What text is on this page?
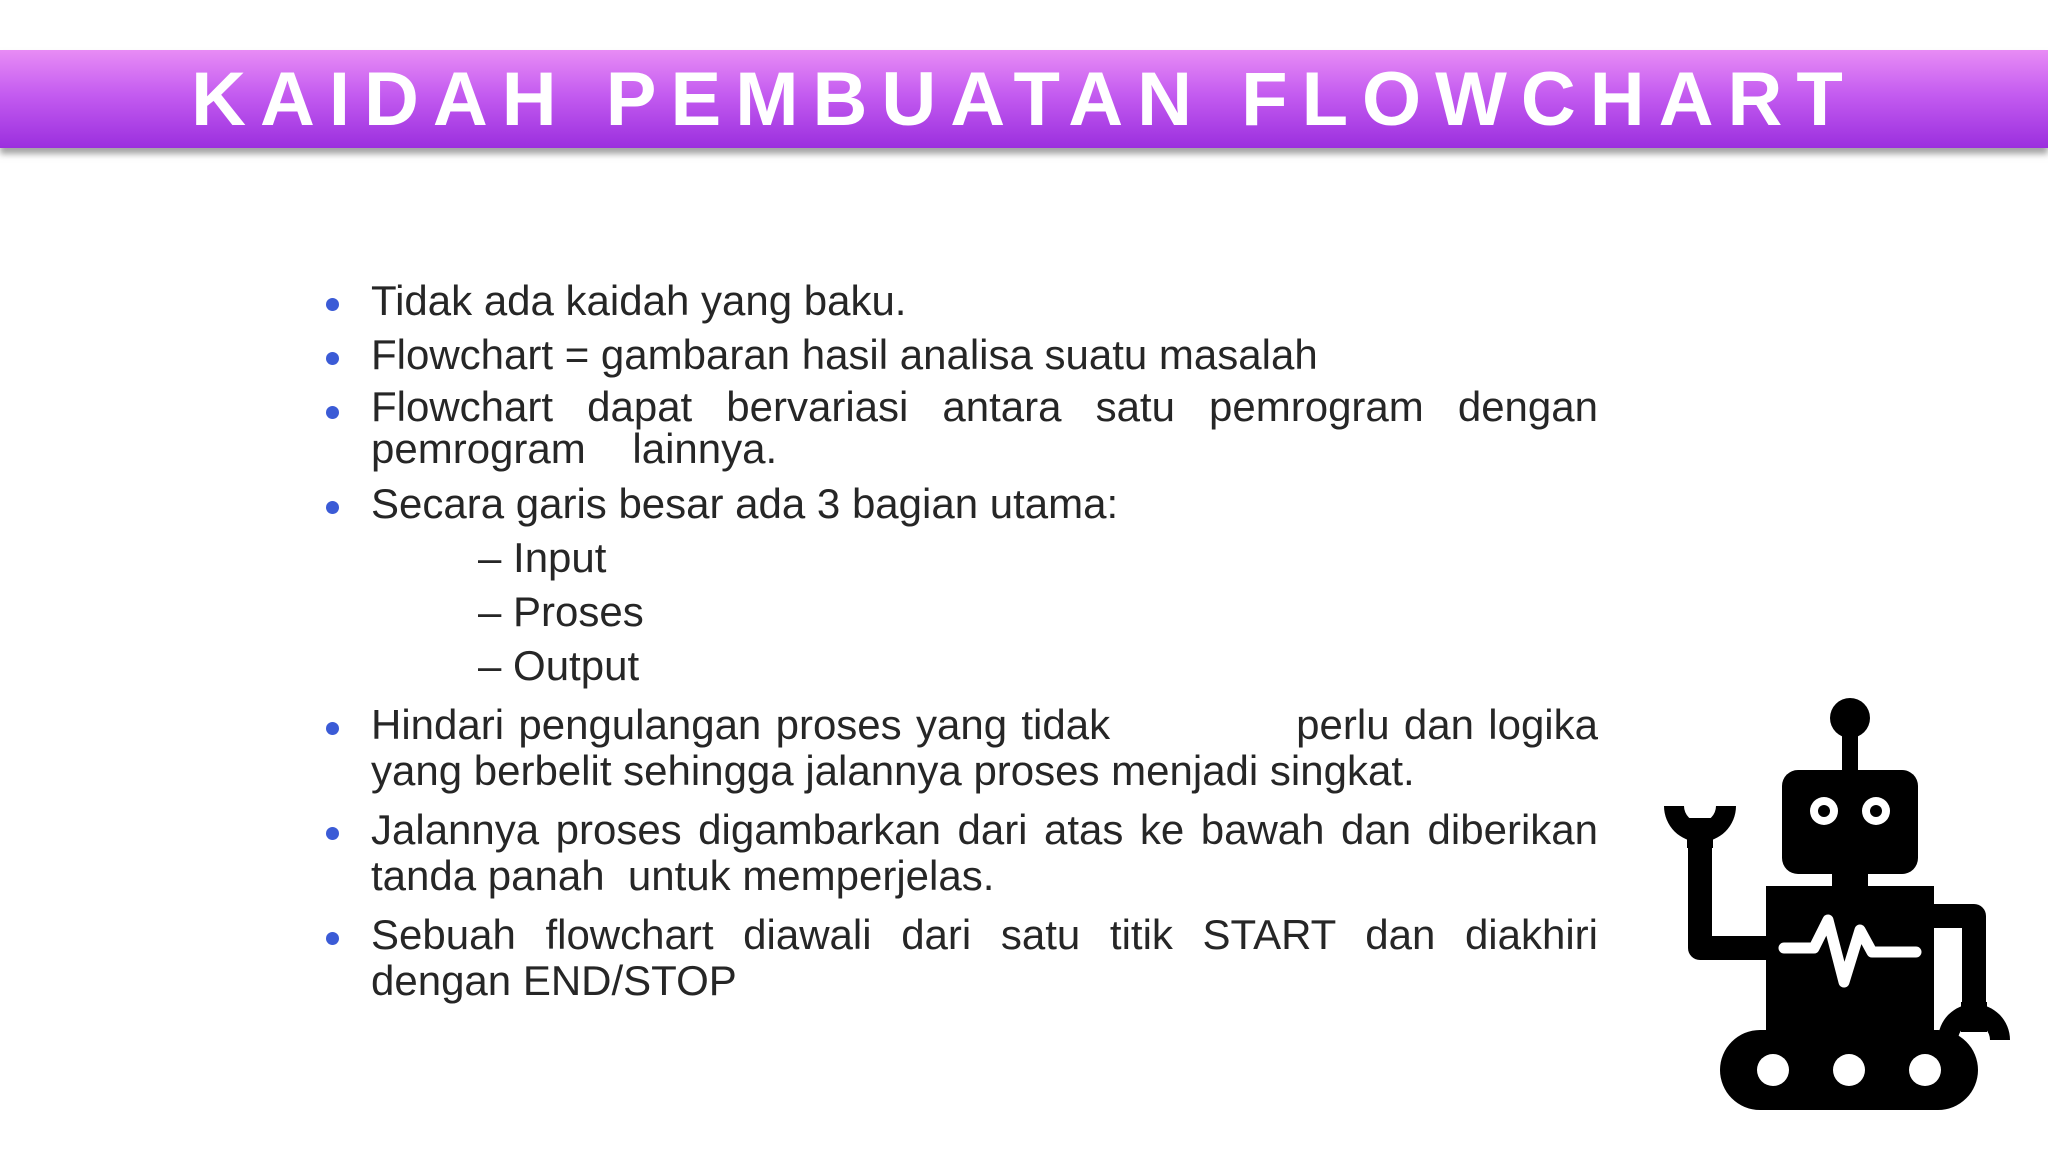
KAIDAH PEMBUATAN FLOWCHART
Tidak ada kaidah yang baku.
Flowchart = gambaran hasil analisa suatu masalah
Flowchart dapat bervariasi antara satu pemrogram dengan pemrogram    lainnya.
Secara garis besar ada 3 bagian utama:
– Input
– Proses
– Output
Hindari pengulangan proses yang tidak             perlu dan logika yang berbelit sehingga jalannya proses menjadi singkat.
Jalannya proses digambarkan dari atas ke bawah dan diberikan tanda panah  untuk memperjelas.
Sebuah flowchart diawali dari satu titik START dan diakhiri dengan END/STOP
